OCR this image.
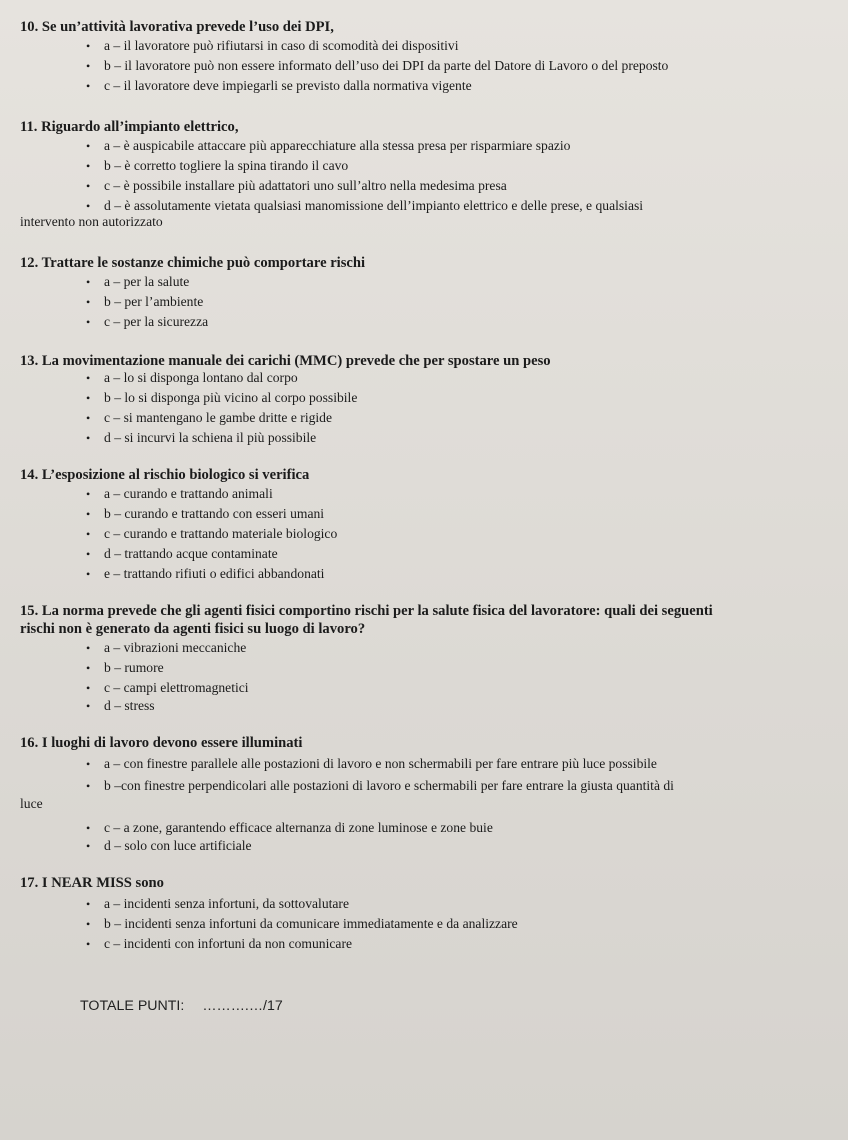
10. Se un’attività lavorativa prevede l’uso dei DPI,
• a – il lavoratore può rifiutarsi in caso di scomodità dei dispositivi
• b – il lavoratore può non essere informato dell’uso dei DPI da parte del Datore di Lavoro o del preposto
• c – il lavoratore deve impiegarli se previsto dalla normativa vigente
11. Riguardo all’impianto elettrico,
• a – è auspicabile attaccare più apparecchiature alla stessa presa per risparmiare spazio
• b – è corretto togliere la spina tirando il cavo
• c – è possibile installare più adattatori uno sull’altro nella medesima presa
• d – è assolutamente vietata qualsiasi manomissione dell’impianto elettrico e delle prese, e qualsiasi
intervento non autorizzato
12. Trattare le sostanze chimiche può comportare rischi
• a – per la salute
• b – per l’ambiente
• c – per la sicurezza
13. La movimentazione manuale dei carichi (MMC) prevede che per spostare un peso
• a – lo si disponga lontano dal corpo
• b – lo si disponga più vicino al corpo possibile
• c – si mantengano le gambe dritte e rigide
• d – si incurvi la schiena il più possibile
14. L’esposizione al rischio biologico si verifica
• a – curando e trattando animali
• b – curando e trattando con esseri umani
• c – curando e trattando materiale biologico
• d – trattando acque contaminate
• e – trattando rifiuti o edifici abbandonati
15. La norma prevede che gli agenti fisici comportino rischi per la salute fisica del lavoratore: quali dei seguenti
rischi non è generato da agenti fisici su luogo di lavoro?
• a – vibrazioni meccaniche
• b – rumore
• c – campi elettromagnetici
• d – stress
16. I luoghi di lavoro devono essere illuminati
• a – con finestre parallele alle postazioni di lavoro e non schermabili per fare entrare più luce possibile
• b –con finestre perpendicolari alle postazioni di lavoro e schermabili per fare entrare la giusta quantità di
luce
• c – a zone, garantendo efficace alternanza di zone luminose e zone buie
• d – solo con luce artificiale
17. I NEAR MISS sono
• a – incidenti senza infortuni, da sottovalutare
• b – incidenti senza infortuni da comunicare immediatamente e da analizzare
• c – incidenti con infortuni da non comunicare
TOTALE PUNTI: ……….…/17
